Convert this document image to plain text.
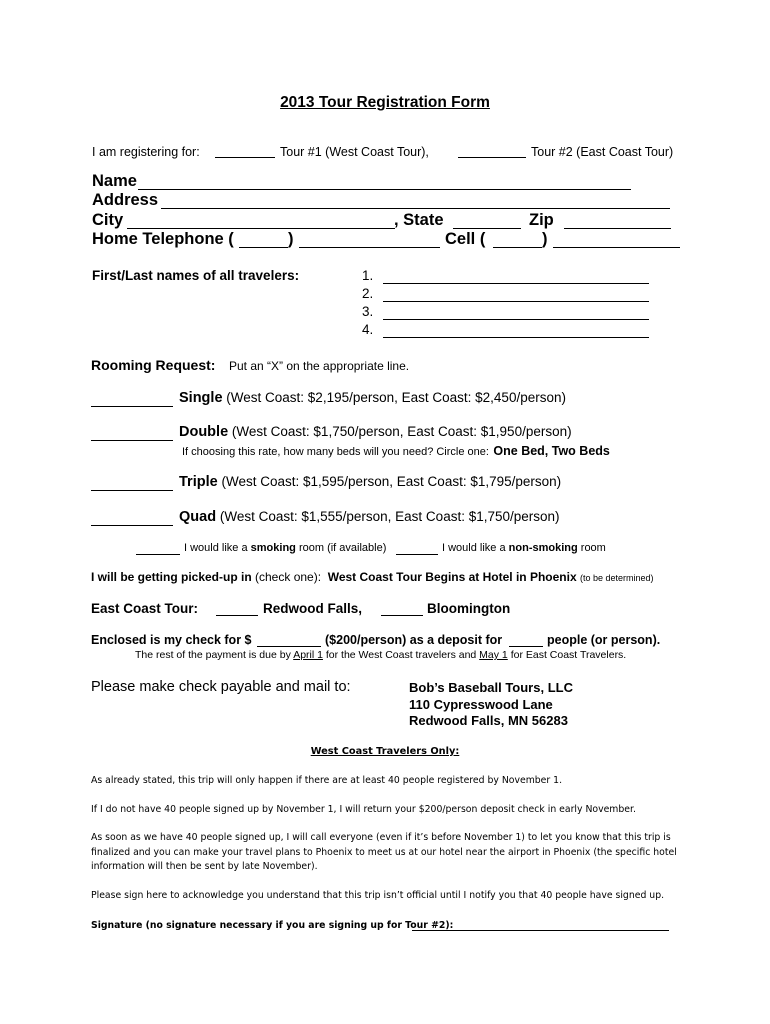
2013 Tour Registration Form
I am registering for:	Tour #1 (West Coast Tour),	Tour #2 (East Coast Tour)
Name
Address
City	, State	Zip
Home Telephone (	)	Cell (	)
First/Last names of all travelers:	1.
2.
3.
4.
Rooming Request: Put an “X” on the appropriate line.
Single (West Coast: $2,195/person, East Coast: $2,450/person)
Double (West Coast: $1,750/person, East Coast: $1,950/person)
If choosing this rate, how many beds will you need? Circle one: One Bed, Two Beds
Triple (West Coast: $1,595/person, East Coast: $1,795/person)
Quad (West Coast: $1,555/person, East Coast: $1,750/person)
I would like a smoking room (if available)	I would like a non-smoking room
I will be getting picked-up in (check one): West Coast Tour Begins at Hotel in Phoenix (to be determined)
East Coast Tour:	Redwood Falls,	Bloomington
Enclosed is my check for $	($200/person) as a deposit for	people (or person).
The rest of the payment is due by April 1 for the West Coast travelers and May 1 for East Coast Travelers.
Please make check payable and mail to:	Bob’s Baseball Tours, LLC
110 Cypresswood Lane
Redwood Falls, MN 56283
West Coast Travelers Only:
As already stated, this trip will only happen if there are at least 40 people registered by November 1.
If I do not have 40 people signed up by November 1, I will return your $200/person deposit check in early November.
As soon as we have 40 people signed up, I will call everyone (even if it’s before November 1) to let you know that this trip is
finalized and you can make your travel plans to Phoenix to meet us at our hotel near the airport in Phoenix (the specific hotel
information will then be sent by late November).
Please sign here to acknowledge you understand that this trip isn’t official until I notify you that 40 people have signed up.
Signature (no signature necessary if you are signing up for Tour #2):
